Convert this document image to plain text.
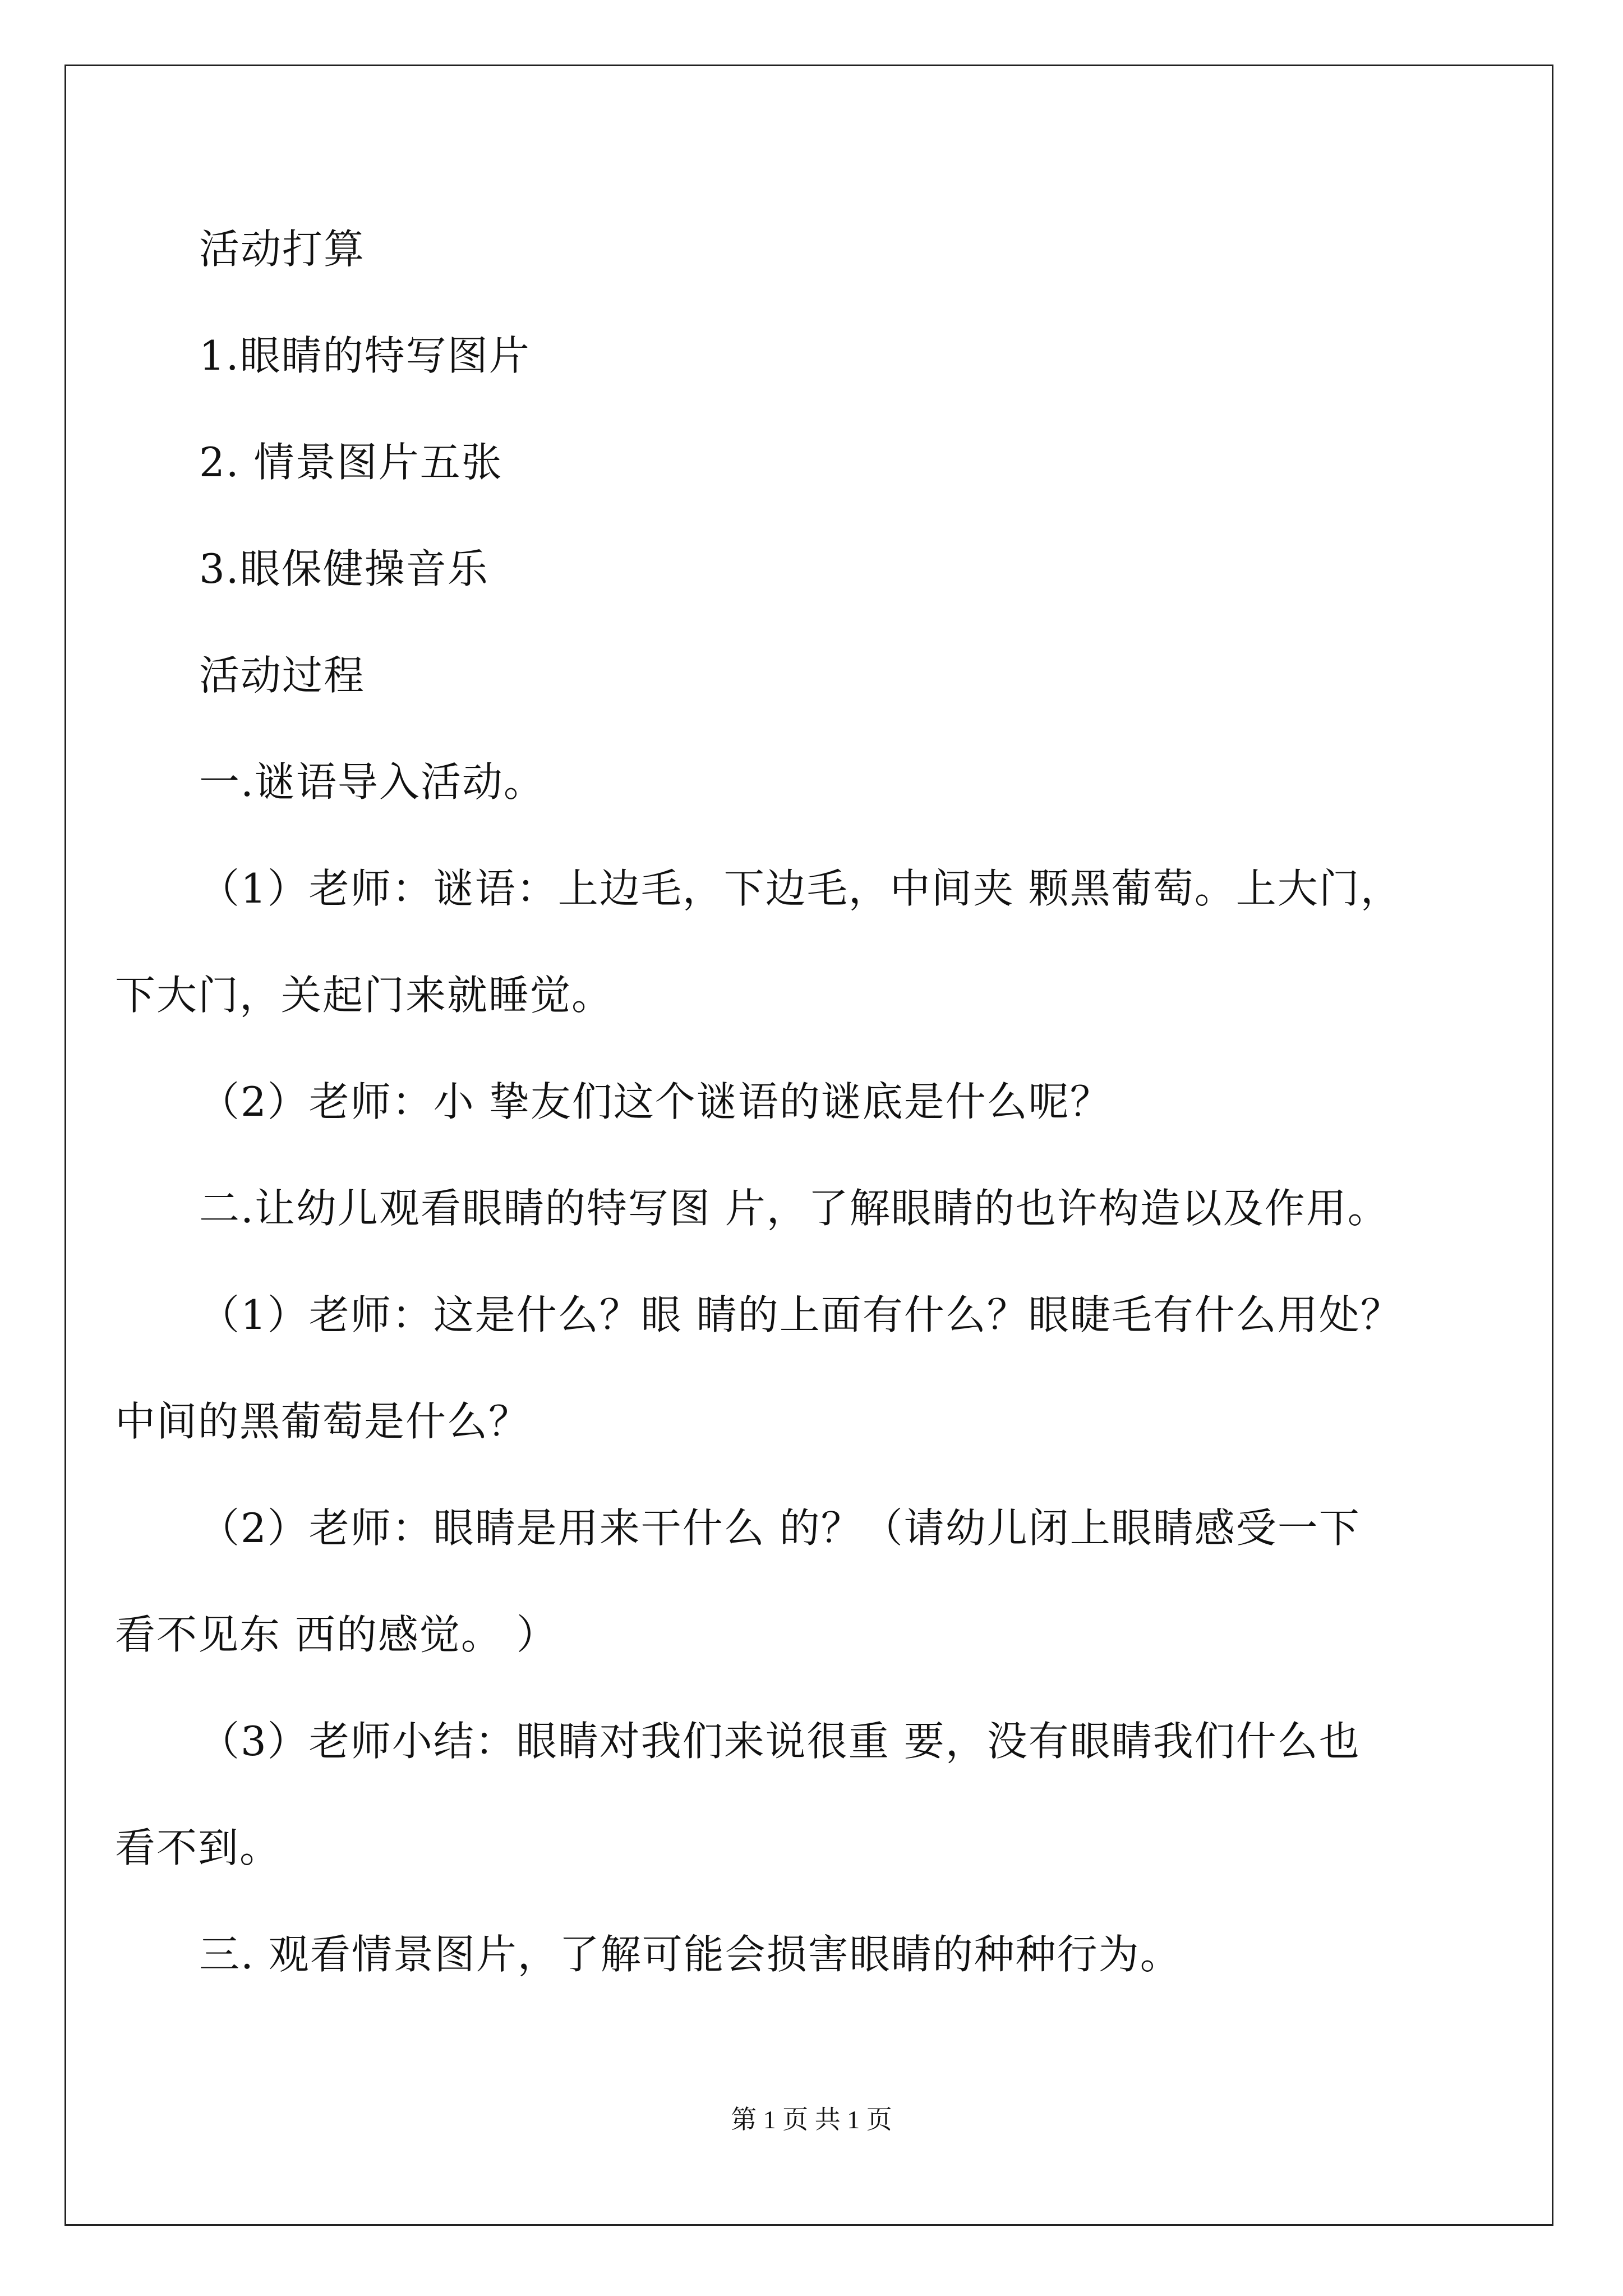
活动打算
1.眼睛的特写图片
2. 情景图片五张
3.眼保健操音乐
活动过程
一.谜语导入活动。
（1）老师：谜语：上边毛，下边毛，中间夹 颗黑葡萄。上大门，
下大门，关起门来就睡觉。
（2）老师：小 挚友们这个谜语的谜底是什么呢？
二.让幼儿观看眼睛的特写图 片，了解眼睛的也许构造以及作用。
（1）老师：这是什么？眼 睛的上面有什么？眼睫毛有什么用处？
中间的黑葡萄是什么？
（2）老师：眼睛是用来干什么 的？（请幼儿闭上眼睛感受一下
看不见东 西的感觉。 ）
（3）老师小结：眼睛对我们来说很重 要，没有眼睛我们什么也
看不到。
三. 观看情景图片，了解可能会损害眼睛的种种行为。
第 1 页 共 1 页
